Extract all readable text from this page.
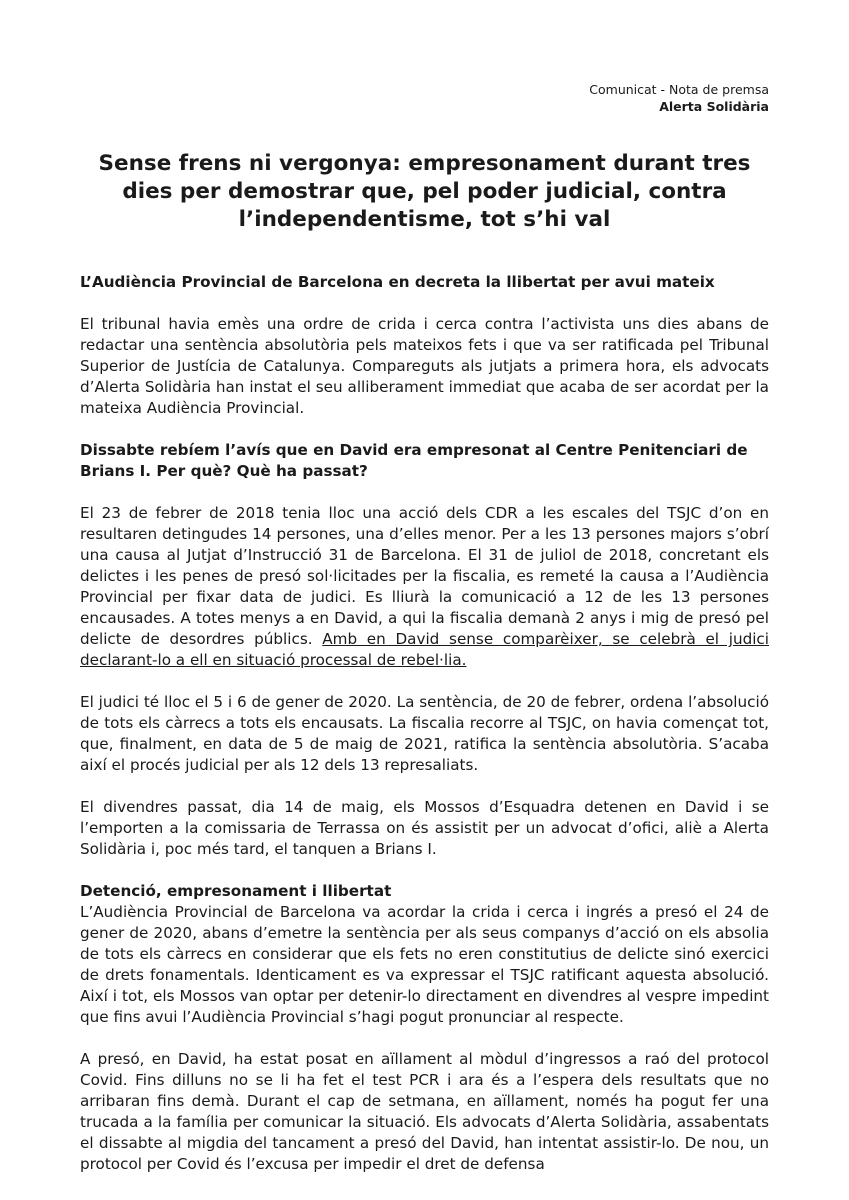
Comunicat - Nota de premsa
Alerta Solidària
Sense frens ni vergonya: empresonament durant tres dies per demostrar que, pel poder judicial, contra l’independentisme, tot s’hi val

L’Audiència Provincial de Barcelona en decreta la llibertat per avui mateix

El tribunal havia emès una ordre de crida i cerca contra l’activista uns dies abans de redactar una sentència absolutòria pels mateixos fets i que va ser ratificada pel Tribunal Superior de Justícia de Catalunya. Compareguts als jutjats a primera hora, els advocats d’Alerta Solidària han instat el seu alliberament immediat que acaba de ser acordat per la mateixa Audiència Provincial.

Dissabte rebíem l’avís que en David era empresonat al Centre Penitenciari de Brians I. Per què? Què ha passat?

El 23 de febrer de 2018 tenia lloc una acció dels CDR a les escales del TSJC d’on en resultaren detingudes 14 persones, una d’elles menor. Per a les 13 persones majors s’obrí una causa al Jutjat d’Instrucció 31 de Barcelona. El 31 de juliol de 2018, concretant els delictes i les penes de presó sol·licitades per la fiscalia, es remeté la causa a l’Audiència Provincial per fixar data de judici. Es lliurà la comunicació a 12 de les 13 persones encausades. A totes menys a en David, a qui la fiscalia demanà 2 anys i mig de presó pel delicte de desordres públics. Amb en David sense comparèixer, se celebrà el judici declarant-lo a ell en situació processal de rebel·lia.

El judici té lloc el 5 i 6 de gener de 2020. La sentència, de 20 de febrer, ordena l’absolució de tots els càrrecs a tots els encausats. La fiscalia recorre al TSJC, on havia començat tot, que, finalment, en data de 5 de maig de 2021, ratifica la sentència absolutòria. S’acaba així el procés judicial per als 12 dels 13 represaliats.

El divendres passat, dia 14 de maig, els Mossos d’Esquadra detenen en David i se l’emporten a la comissaria de Terrassa on és assistit per un advocat d’ofici, aliè a Alerta Solidària i, poc més tard, el tanquen a Brians I.

Detenció, empresonament i llibertat

L’Audiència Provincial de Barcelona va acordar la crida i cerca i ingrés a presó el 24 de gener de 2020, abans d’emetre la sentència per als seus companys d’acció on els absolia de tots els càrrecs en considerar que els fets no eren constitutius de delicte sinó exercici de drets fonamentals. Identicament es va expressar el TSJC ratificant aquesta absolució. Així i tot, els Mossos van optar per detenir-lo directament en divendres al vespre impedint que fins avui l’Audiència Provincial s’hagi pogut pronunciar al respecte.

A presó, en David, ha estat posat en aïllament al mòdul d’ingressos a raó del protocol Covid. Fins dilluns no se li ha fet el test PCR i ara és a l’espera dels resultats que no arribaran fins demà. Durant el cap de setmana, en aïllament, només ha pogut fer una trucada a la família per comunicar la situació. Els advocats d’Alerta Solidària, assabentats el dissabte al migdia del tancament a presó del David, han intentat assistir-lo. De nou, un protocol per Covid és l’excusa per impedir el dret de defensa
